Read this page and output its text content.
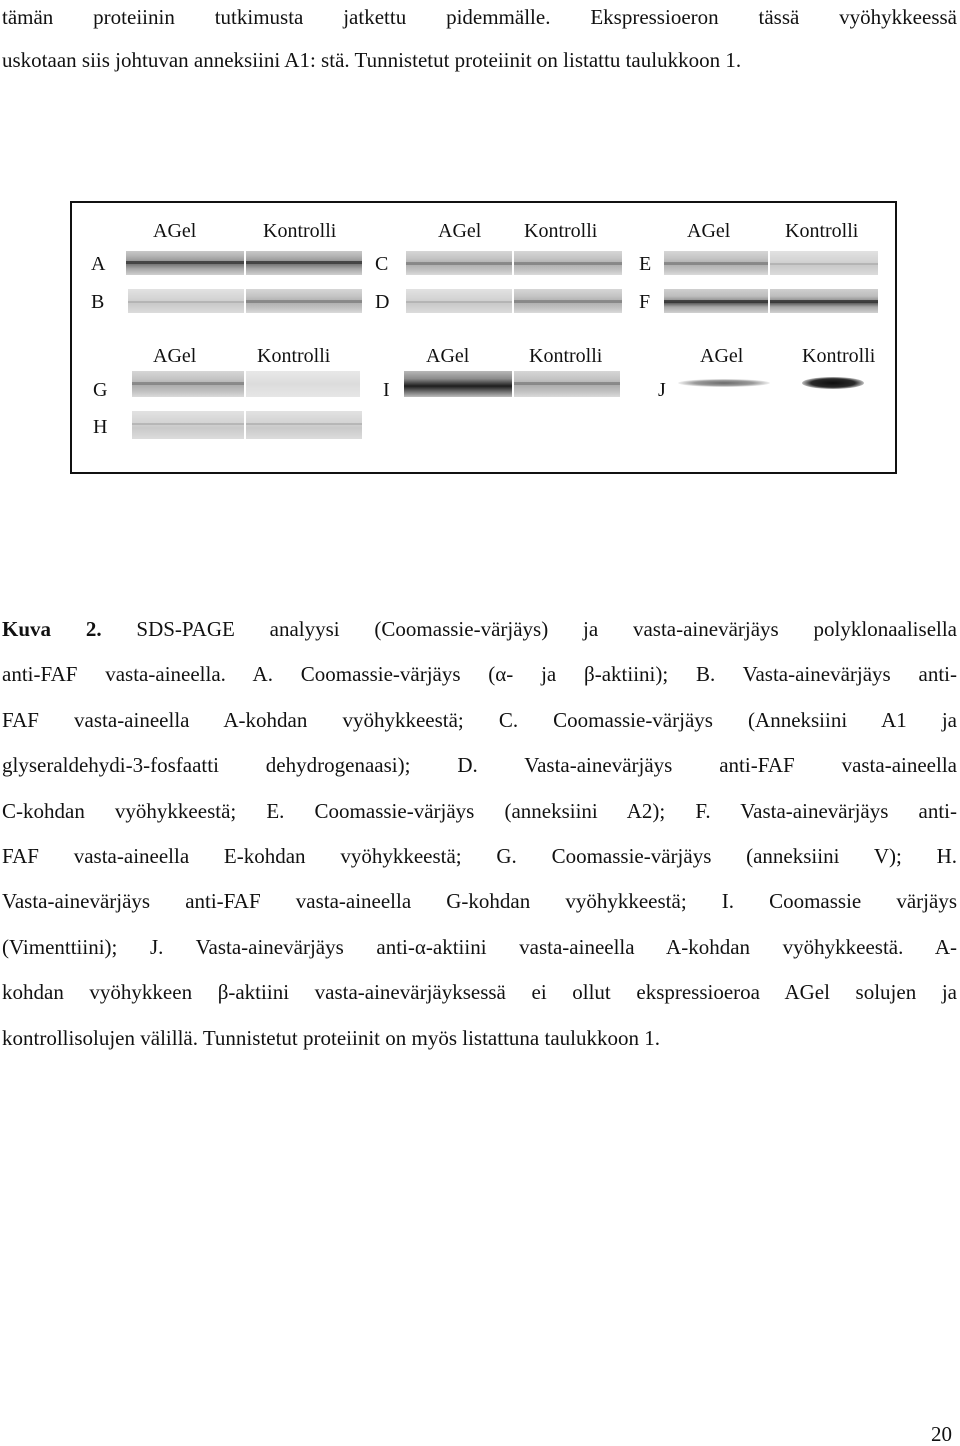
tämän proteiinin tutkimusta jatkettu pidemmälle. Ekspressioeron tässä vyöhykkeessä
uskotaan siis johtuvan anneksiini A1: stä. Tunnistetut proteiinit on listattu taulukkoon 1.
AGel	Kontrolli	AGel Kontrolli	AGel	Kontrolli
A
B
C
D
E
F
AGel	Kontrolli	AGel	Kontrolli	AGel	Kontrolli
G
H
I	J
Kuva 2. SDS-PAGE analyysi (Coomassie-värjäys) ja vasta-ainevärjäys polyklonaalisella
anti-FAF vasta-aineella. A. Coomassie-värjäys (α- ja β-aktiini); B. Vasta-ainevärjäys anti-
FAF vasta-aineella A-kohdan vyöhykkeestä; C. Coomassie-värjäys (Anneksiini A1 ja
glyseraldehydi-3-fosfaatti dehydrogenaasi); D. Vasta-ainevärjäys anti-FAF vasta-aineella
C-kohdan vyöhykkeestä; E. Coomassie-värjäys (anneksiini A2); F. Vasta-ainevärjäys anti-
FAF vasta-aineella E-kohdan vyöhykkeestä; G. Coomassie-värjäys (anneksiini V); H.
Vasta-ainevärjäys anti-FAF vasta-aineella G-kohdan vyöhykkeestä; I. Coomassie värjäys
(Vimenttiini); J. Vasta-ainevärjäys anti-α-aktiini vasta-aineella A-kohdan vyöhykkeestä. A-
kohdan vyöhykkeen β-aktiini vasta-ainevärjäyksessä ei ollut ekspressioeroa AGel solujen ja
kontrollisolujen välillä. Tunnistetut proteiinit on myös listattuna taulukkoon 1.
20
